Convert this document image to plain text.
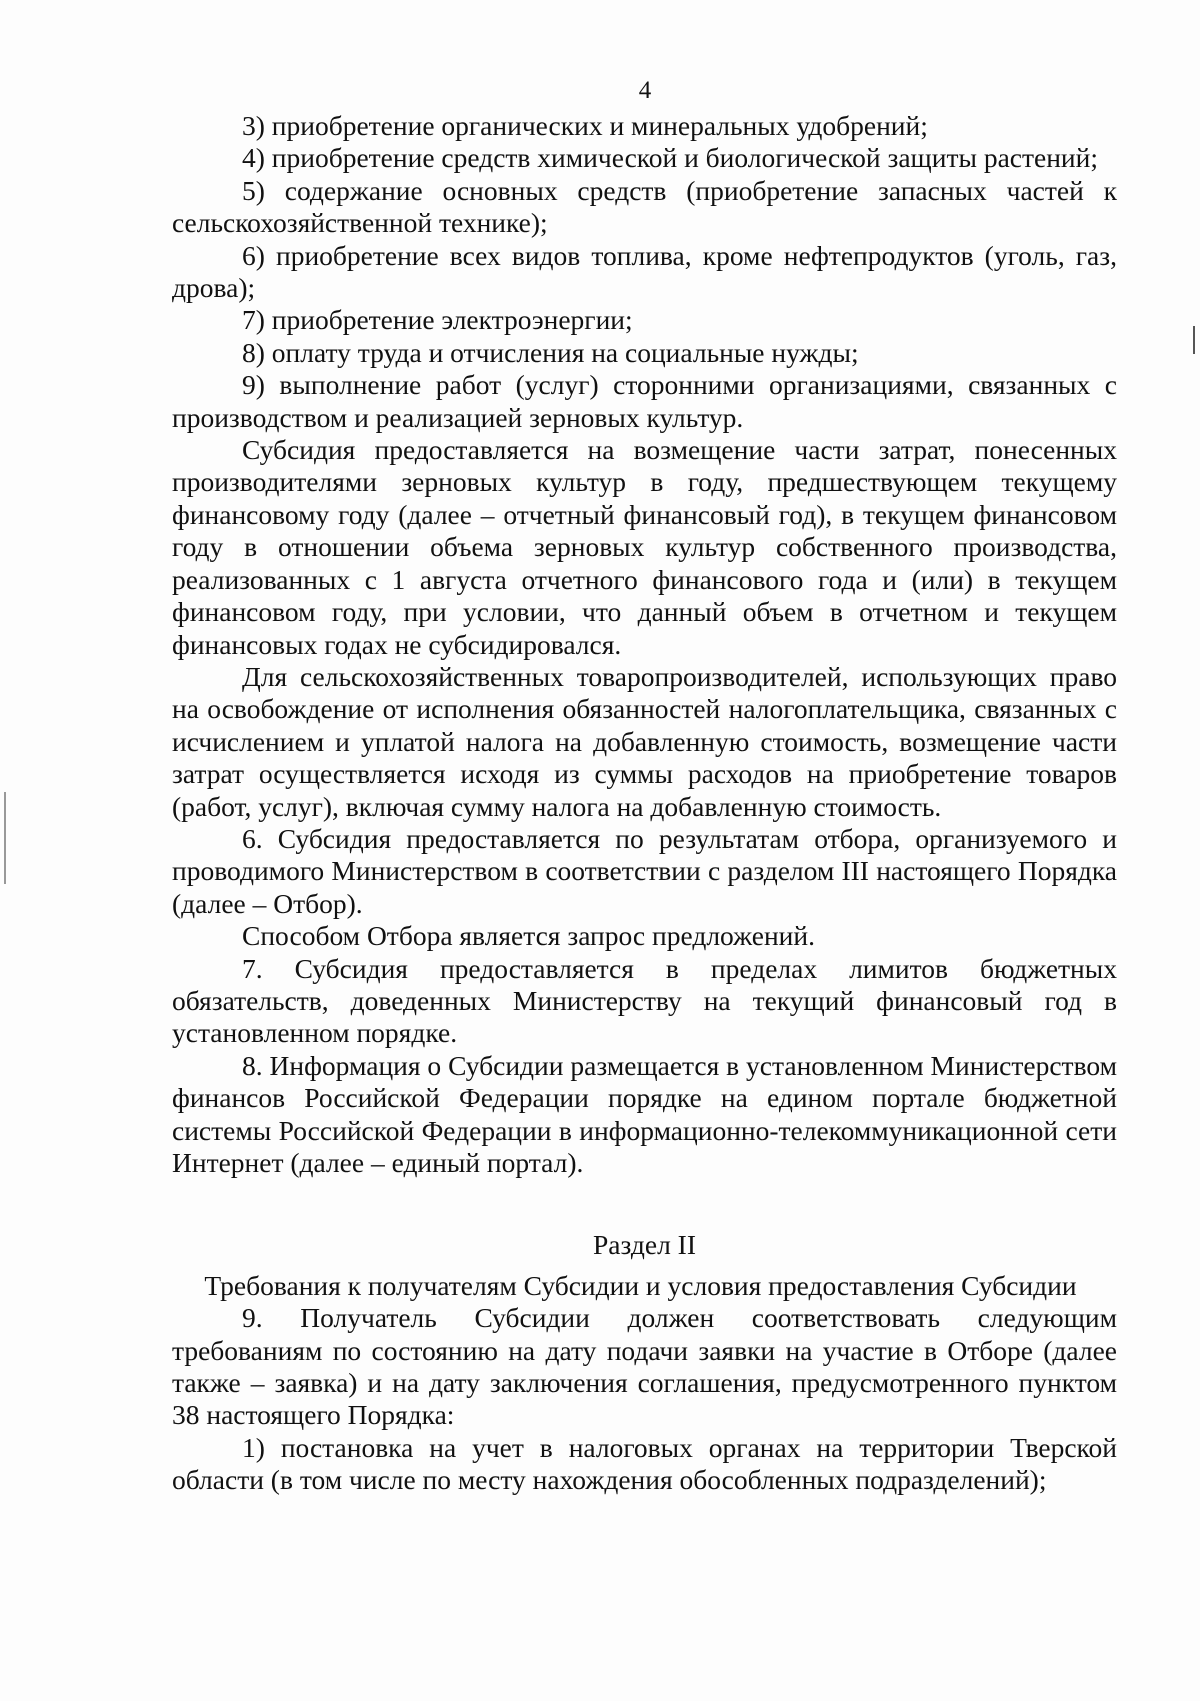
4

3) приобретение органических и минеральных удобрений;

4) приобретение средств химической и биологической защиты растений;

5) содержание основных средств (приобретение запасных частей к сельскохозяйственной технике);

6) приобретение всех видов топлива, кроме нефтепродуктов (уголь, газ, дрова);

7) приобретение электроэнергии;

8) оплату труда и отчисления на социальные нужды;

9) выполнение работ (услуг) сторонними организациями, связанных с производством и реализацией зерновых культур.

Субсидия предоставляется на возмещение части затрат, понесенных производителями зерновых культур в году, предшествующем текущему финансовому году (далее – отчетный финансовый год), в текущем финансовом году в отношении объема зерновых культур собственного производства, реализованных с 1 августа отчетного финансового года и (или) в текущем финансовом году, при условии, что данный объем в отчетном и текущем финансовых годах не субсидировался.

Для сельскохозяйственных товаропроизводителей, использующих право на освобождение от исполнения обязанностей налогоплательщика, связанных с исчислением и уплатой налога на добавленную стоимость, возмещение части затрат осуществляется исходя из суммы расходов на приобретение товаров (работ, услуг), включая сумму налога на добавленную стоимость.

6. Субсидия предоставляется по результатам отбора, организуемого и проводимого Министерством в соответствии с разделом III настоящего Порядка (далее – Отбор).

Способом Отбора является запрос предложений.

7. Субсидия предоставляется в пределах лимитов бюджетных обязательств, доведенных Министерству на текущий финансовый год в установленном порядке.

8. Информация о Субсидии размещается в установленном Министерством финансов Российской Федерации порядке на едином портале бюджетной системы Российской Федерации в информационно-телекоммуникационной сети Интернет (далее – единый портал).

Раздел II
Требования к получателям Субсидии и условия предоставления Субсидии

9. Получатель Субсидии должен соответствовать следующим требованиям по состоянию на дату подачи заявки на участие в Отборе (далее также – заявка) и на дату заключения соглашения, предусмотренного пунктом 38 настоящего Порядка:

1) постановка на учет в налоговых органах на территории Тверской области (в том числе по месту нахождения обособленных подразделений);
